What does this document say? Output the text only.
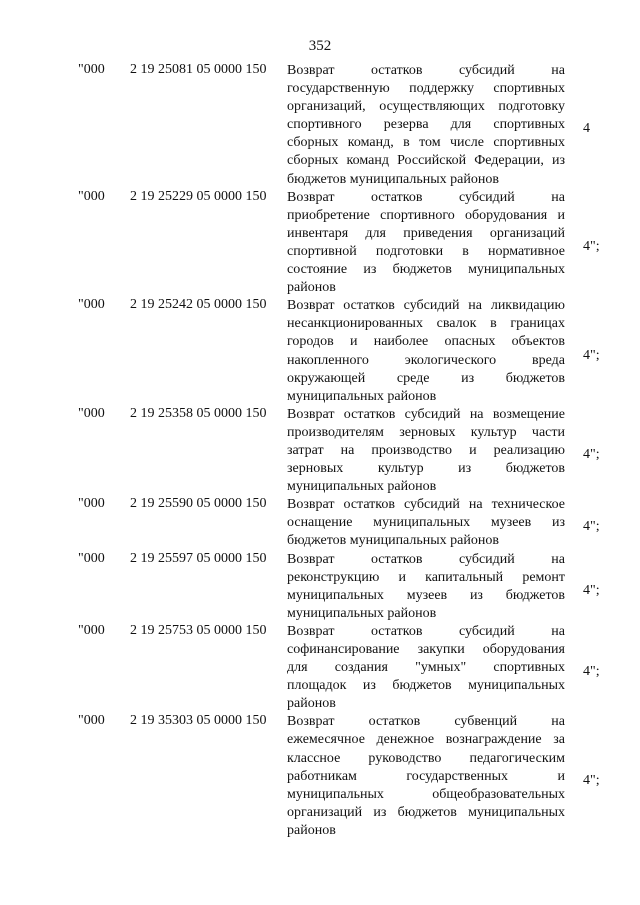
352
"000 2 19 25081 05 0000 150 Возврат остатков субсидий на
государственную поддержку спортивных
организаций, осуществляющих подготовку
спортивного резерва для спортивных
сборных команд, в том числе спортивных
сборных команд Российской Федерации, из
бюджетов муниципальных районов
4
"000 2 19 25229 05 0000 150 Возврат остатков субсидий на
приобретение спортивного оборудования и
инвентаря для приведения организаций
спортивной подготовки в нормативное
состояние из бюджетов муниципальных
районов
4";
"000 2 19 25242 05 0000 150 Возврат остатков субсидий на ликвидацию
несанкционированных свалок в границах
городов и наиболее опасных объектов
накопленного экологического вреда
окружающей среде из бюджетов
муниципальных районов
4";
"000 2 19 25358 05 0000 150 Возврат остатков субсидий на возмещение
производителям зерновых культур части
затрат на производство и реализацию
зерновых культур из бюджетов
муниципальных районов
4";
"000 2 19 25590 05 0000 150 Возврат остатков субсидий на техническое
оснащение муниципальных музеев из
бюджетов муниципальных районов
4";
"000 2 19 25597 05 0000 150 Возврат остатков субсидий на
реконструкцию и капитальный ремонт
муниципальных музеев из бюджетов
муниципальных районов
4";
"000 2 19 25753 05 0000 150 Возврат остатков субсидий на
софинансирование закупки оборудования
для создания "умных" спортивных
площадок из бюджетов муниципальных
районов
4";
"000 2 19 35303 05 0000 150 Возврат остатков субвенций на
ежемесячное денежное вознаграждение за
классное руководство педагогическим
работникам государственных и
муниципальных общеобразовательных
организаций из бюджетов муниципальных
районов
4";
